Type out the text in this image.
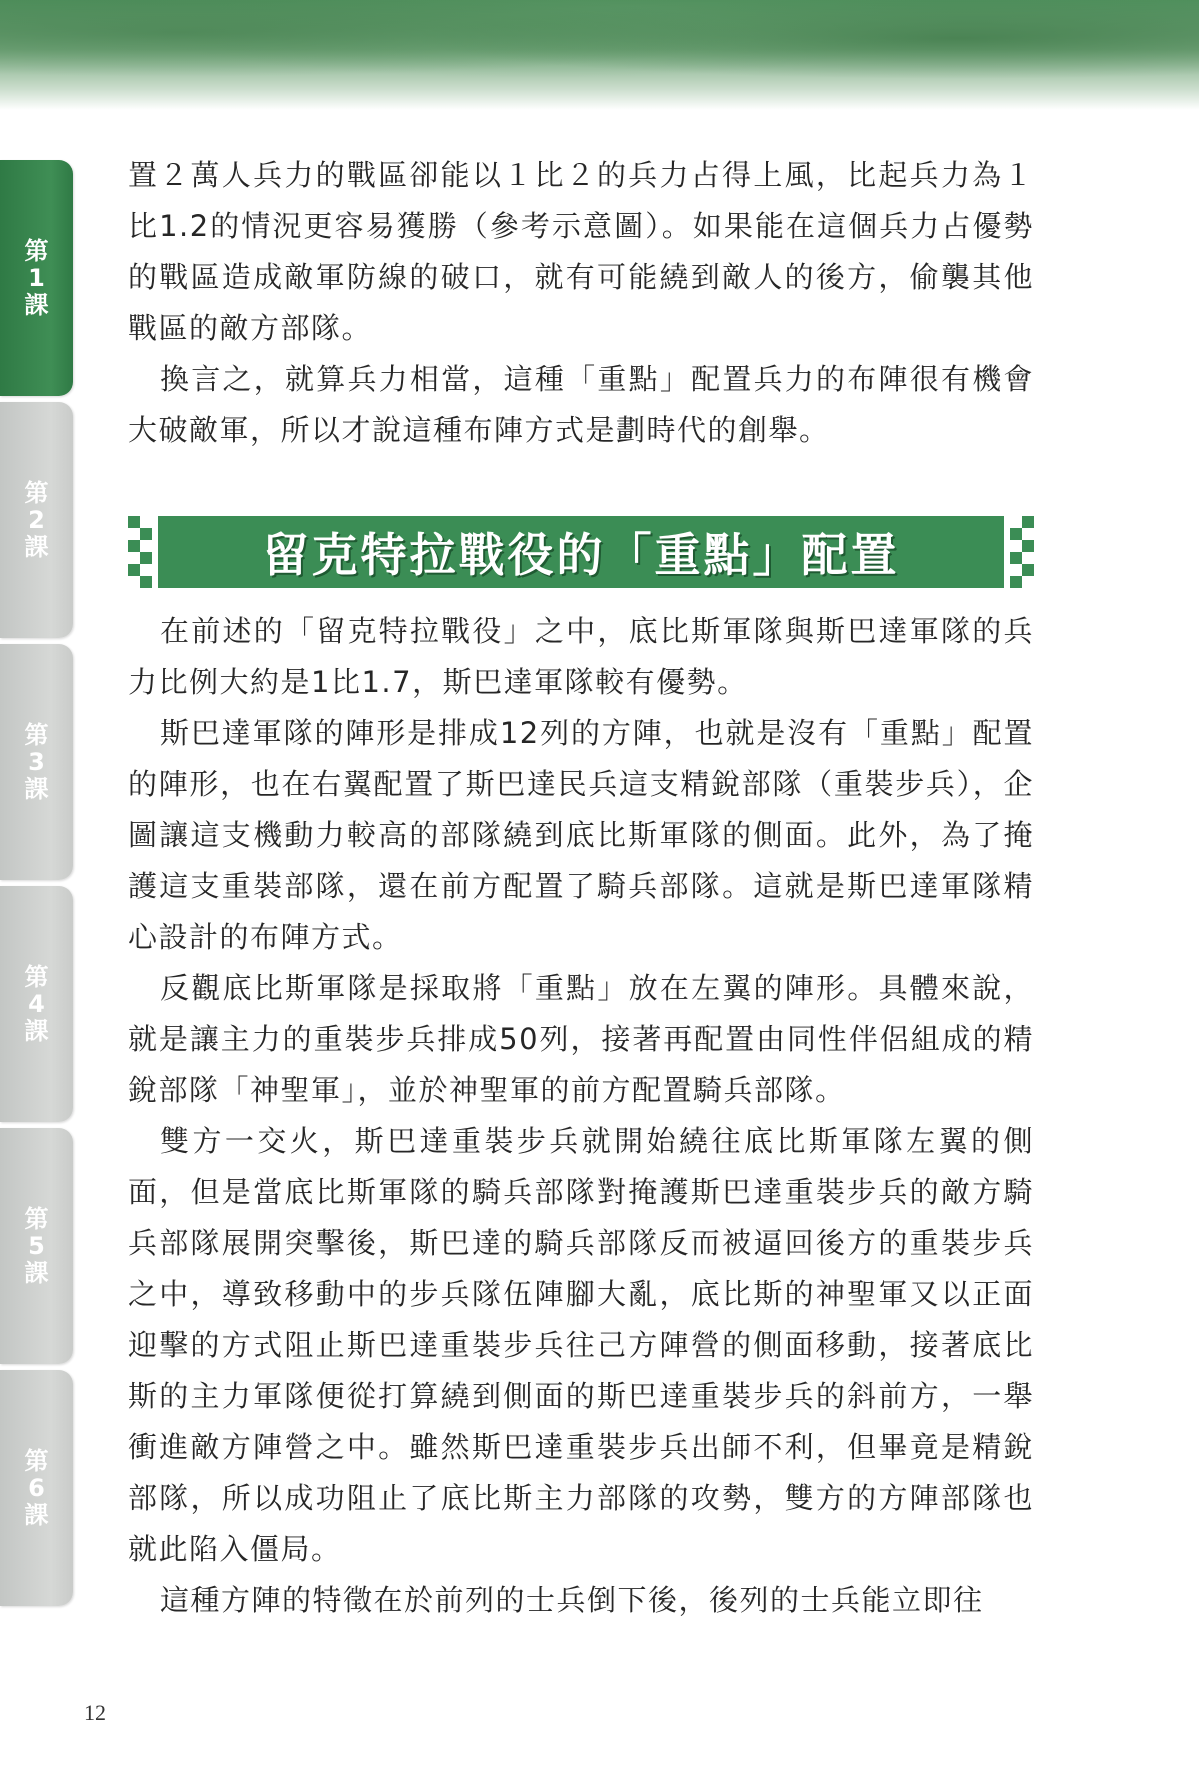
第
1
課
第
2
課
第
3
課
第
4
課
第
5
課
第
6
課

置２萬人兵力的戰區卻能以１比２的兵力占得上風，比起兵力為１比1.2的情況更容易獲勝（參考示意圖）。如果能在這個兵力占優勢的戰區造成敵軍防線的破口，就有可能繞到敵人的後方，偷襲其他戰區的敵方部隊。

換言之，就算兵力相當，這種「重點」配置兵力的布陣很有機會大破敵軍，所以才說這種布陣方式是劃時代的創舉。

留克特拉戰役的「重點」配置

在前述的「留克特拉戰役」之中，底比斯軍隊與斯巴達軍隊的兵力比例大約是1比1.7，斯巴達軍隊較有優勢。

斯巴達軍隊的陣形是排成12列的方陣，也就是沒有「重點」配置的陣形，也在右翼配置了斯巴達民兵這支精銳部隊（重裝步兵），企圖讓這支機動力較高的部隊繞到底比斯軍隊的側面。此外，為了掩護這支重裝部隊，還在前方配置了騎兵部隊。這就是斯巴達軍隊精心設計的布陣方式。

反觀底比斯軍隊是採取將「重點」放在左翼的陣形。具體來說，就是讓主力的重裝步兵排成50列，接著再配置由同性伴侶組成的精銳部隊「神聖軍」，並於神聖軍的前方配置騎兵部隊。

雙方一交火，斯巴達重裝步兵就開始繞往底比斯軍隊左翼的側面，但是當底比斯軍隊的騎兵部隊對掩護斯巴達重裝步兵的敵方騎兵部隊展開突擊後，斯巴達的騎兵部隊反而被逼回後方的重裝步兵之中，導致移動中的步兵隊伍陣腳大亂，底比斯的神聖軍又以正面迎擊的方式阻止斯巴達重裝步兵往己方陣營的側面移動，接著底比斯的主力軍隊便從打算繞到側面的斯巴達重裝步兵的斜前方，一舉衝進敵方陣營之中。雖然斯巴達重裝步兵出師不利，但畢竟是精銳部隊，所以成功阻止了底比斯主力部隊的攻勢，雙方的方陣部隊也就此陷入僵局。

這種方陣的特徵在於前列的士兵倒下後，後列的士兵能立即往

12
